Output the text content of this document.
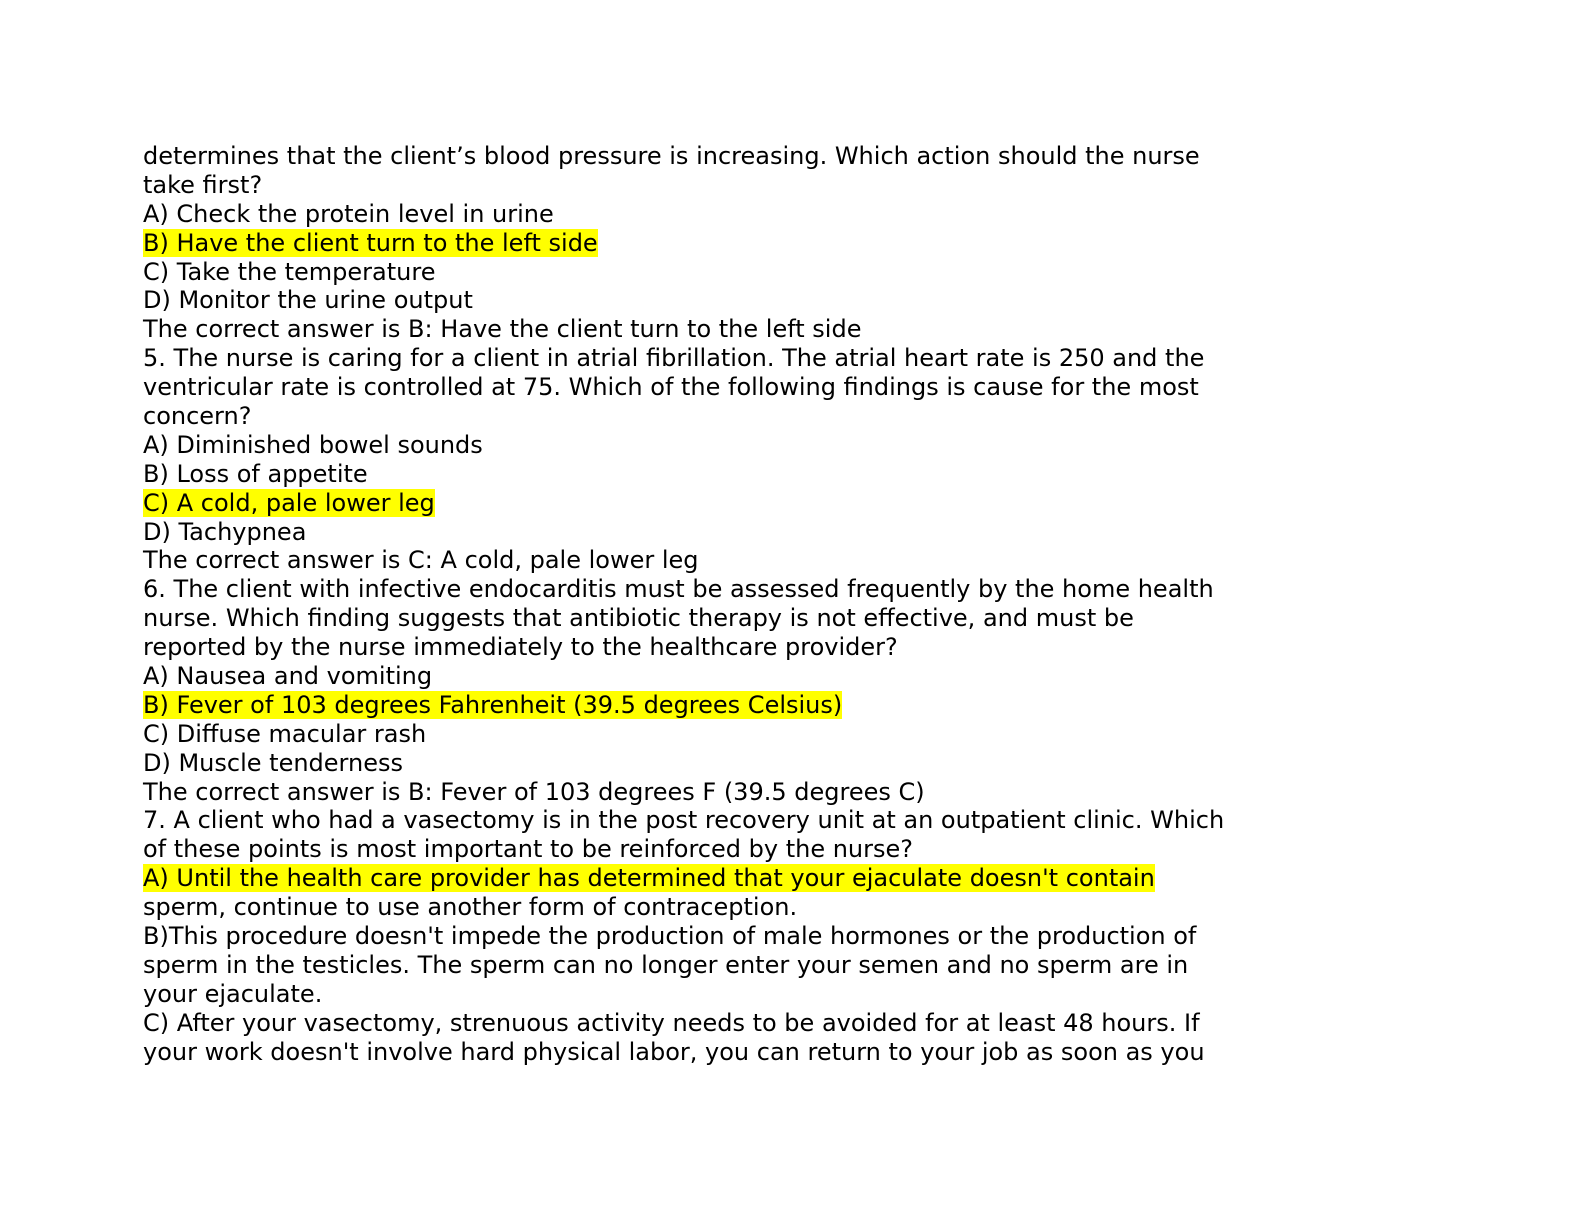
determines that the client’s blood pressure is increasing. Which action should the nurse
take first?
A) Check the protein level in urine
B) Have the client turn to the left side
C) Take the temperature
D) Monitor the urine output
The correct answer is B: Have the client turn to the left side
5. The nurse is caring for a client in atrial fibrillation. The atrial heart rate is 250 and the
ventricular rate is controlled at 75. Which of the following findings is cause for the most
concern?
A) Diminished bowel sounds
B) Loss of appetite
C) A cold, pale lower leg
D) Tachypnea
The correct answer is C: A cold, pale lower leg
6. The client with infective endocarditis must be assessed frequently by the home health
nurse. Which finding suggests that antibiotic therapy is not effective, and must be
reported by the nurse immediately to the healthcare provider?
A) Nausea and vomiting
B) Fever of 103 degrees Fahrenheit (39.5 degrees Celsius)
C) Diffuse macular rash
D) Muscle tenderness
The correct answer is B: Fever of 103 degrees F (39.5 degrees C)
7. A client who had a vasectomy is in the post recovery unit at an outpatient clinic. Which
of these points is most important to be reinforced by the nurse?
A) Until the health care provider has determined that your ejaculate doesn't contain
sperm, continue to use another form of contraception.
B)This procedure doesn't impede the production of male hormones or the production of
sperm in the testicles. The sperm can no longer enter your semen and no sperm are in
your ejaculate.
C) After your vasectomy, strenuous activity needs to be avoided for at least 48 hours. If
your work doesn't involve hard physical labor, you can return to your job as soon as you
